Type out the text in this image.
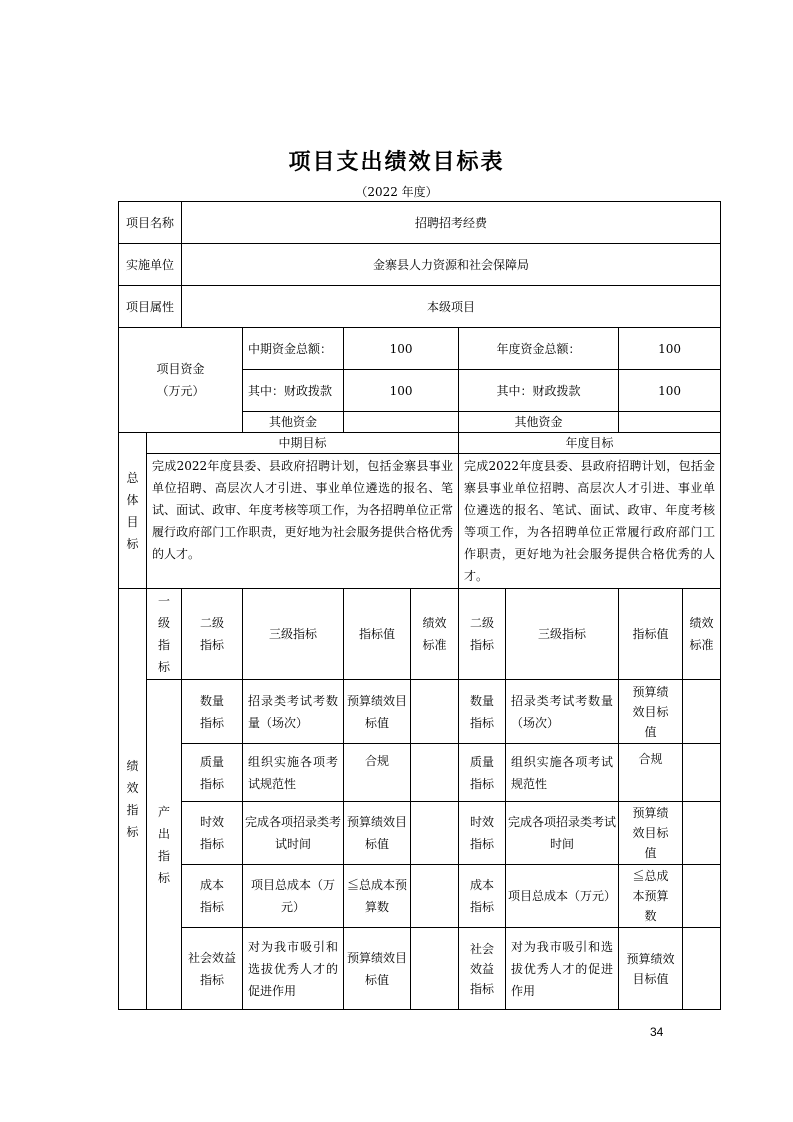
项目支出绩效目标表
（2022 年度）
项目名称		招聘招考经费							
实施单位		金寨县人力资源和社会保障局							
项目属性		本级项目							

项目资金（万元）			中期资金总额：	100		年度资金总额：		100	
			其中：财政拨款	100		其中：财政拨款		100	
			其他资金			其他资金			

总体目标	中期目标					年度目标			
	完成2022年度县委、县政府招聘计划，包括金寨县事业单位招聘、高层次人才引进、事业单位遴选的报名、笔试、面试、政审、年度考核等项工作，为各招聘单位正常履行政府部门工作职责，更好地为社会服务提供合格优秀的人才。					完成2022年度县委、县政府招聘计划，包括金寨县事业单位招聘、高层次人才引进、事业单位遴选的报名、笔试、面试、政审、年度考核等项工作，为各招聘单位正常履行政府部门工作职责，更好地为社会服务提供合格优秀的人才。			

绩效指标	一级指标	二级指标	三级指标	指标值	绩效标准	二级指标	三级指标	指标值	绩效标准

	产出指标	数量指标	招录类考试考数量（场次）	预算绩效目标值		数量指标	招录类考试考数量（场次）	预算绩效目标值	

		质量指标	组织实施各项考试规范性	合规		质量指标	组织实施各项考试规范性	合规	

		时效指标	完成各项招录类考试时间	预算绩效目标值		时效指标	完成各项招录类考试时间	预算绩效目标值	

		成本指标	项目总成本（万元）	≦总成本预算数		成本指标	项目总成本（万元）	≦总成本预算数	

		社会效益指标	对为我市吸引和选拔优秀人才的促进作用	预算绩效目标值		社会效益指标	对为我市吸引和选拔优秀人才的促进作用	预算绩效目标值	

34
